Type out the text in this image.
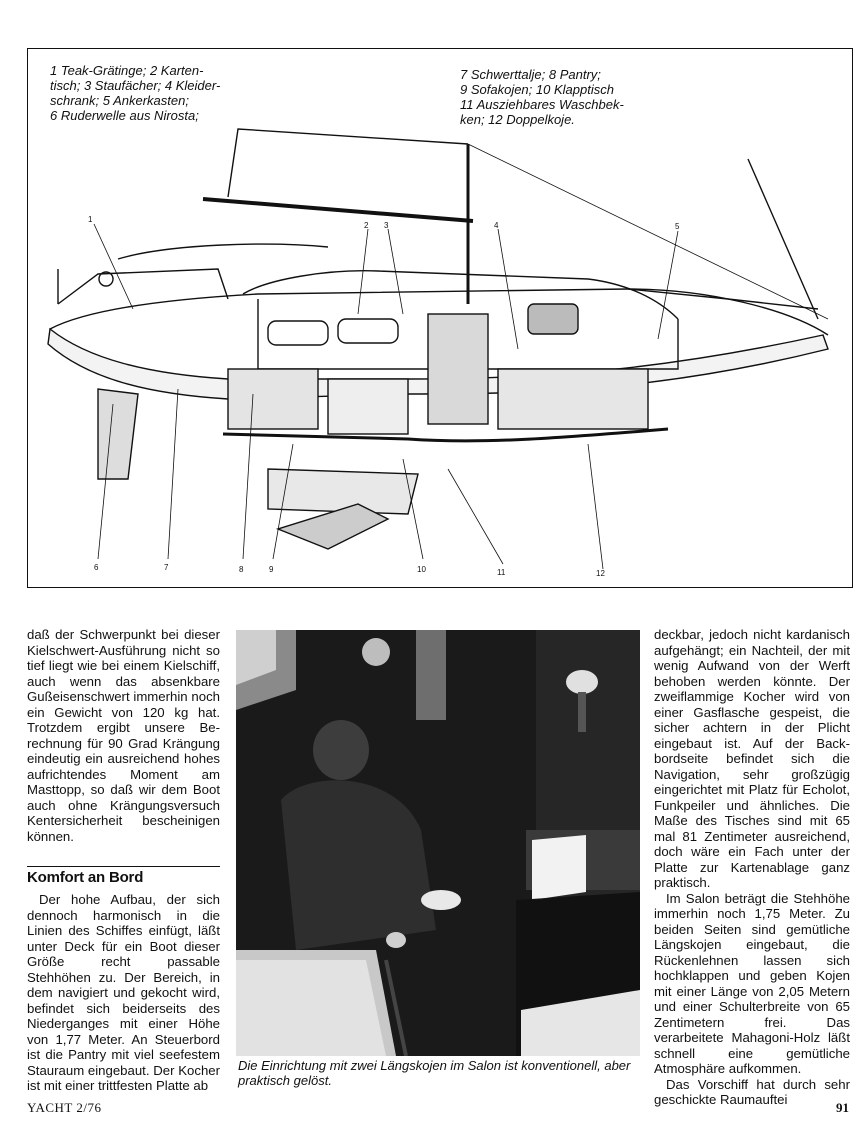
1 Teak-Grätinge; 2 Karten-
tisch; 3 Staufächer; 4 Kleider-
schrank; 5 Ankerkasten;
6 Ruderwelle aus Nirosta;
7 Schwerttalje; 8 Pantry;
9 Sofakojen; 10 Klapptisch
11 Ausziehbares Waschbek-
ken; 12 Doppelkoje.
1
2 3	4	5
6	7	8	9	10	11	12

daß der Schwerpunkt bei dieser Kielschwert-Ausführung nicht so tief liegt wie bei einem Kielschiff, auch wenn das absenkbare Gußeisenschwert immerhin noch ein Gewicht von 120 kg hat. Trotzdem ergibt unsere Berechnung für 90 Grad Krängung eindeutig ein ausreichend hohes aufrichtendes Moment am Masttopp, so daß wir dem Boot auch ohne Krängungsversuch Kentersicherheit bescheinigen können.

Komfort an Bord

Der hohe Aufbau, der sich dennoch harmonisch in die Linien des Schiffes einfügt, läßt unter Deck für ein Boot dieser Größe recht passable Stehhöhen zu. Der Bereich, in dem navigiert und gekocht wird, befindet sich beiderseits des Niederganges mit einer Höhe von 1,77 Meter. An Steuerbord ist die Pantry mit viel seefestem Stauraum eingebaut. Der Kocher ist mit einer trittfesten Platte ab

Die Einrichtung mit zwei Längskojen im Salon ist konventionell, aber praktisch gelöst.

deckbar, jedoch nicht kardanisch aufgehängt; ein Nachteil, der mit wenig Aufwand von der Werft behoben werden könnte. Der zweiflammige Kocher wird von einer Gasflasche gespeist, die sicher achtern in der Plicht eingebaut ist. Auf der Backbordseite befindet sich die Navigation, sehr großzügig eingerichtet mit Platz für Echolot, Funkpeiler und ähnliches. Die Maße des Tisches sind mit 65 mal 81 Zentimeter ausreichend, doch wäre ein Fach unter der Platte zur Kartenablage ganz praktisch.

Im Salon beträgt die Stehhöhe immerhin noch 1,75 Meter. Zu beiden Seiten sind gemütliche Längskojen eingebaut, die Rückenlehnen lassen sich hochklappen und geben Kojen mit einer Länge von 2,05 Metern und einer Schulterbreite von 65 Zentimetern frei. Das verarbeitete Mahagoni-Holz läßt schnell eine gemütliche Atmosphäre aufkommen.

Das Vorschiff hat durch sehr geschickte Raumauftei

YACHT 2/76	91
